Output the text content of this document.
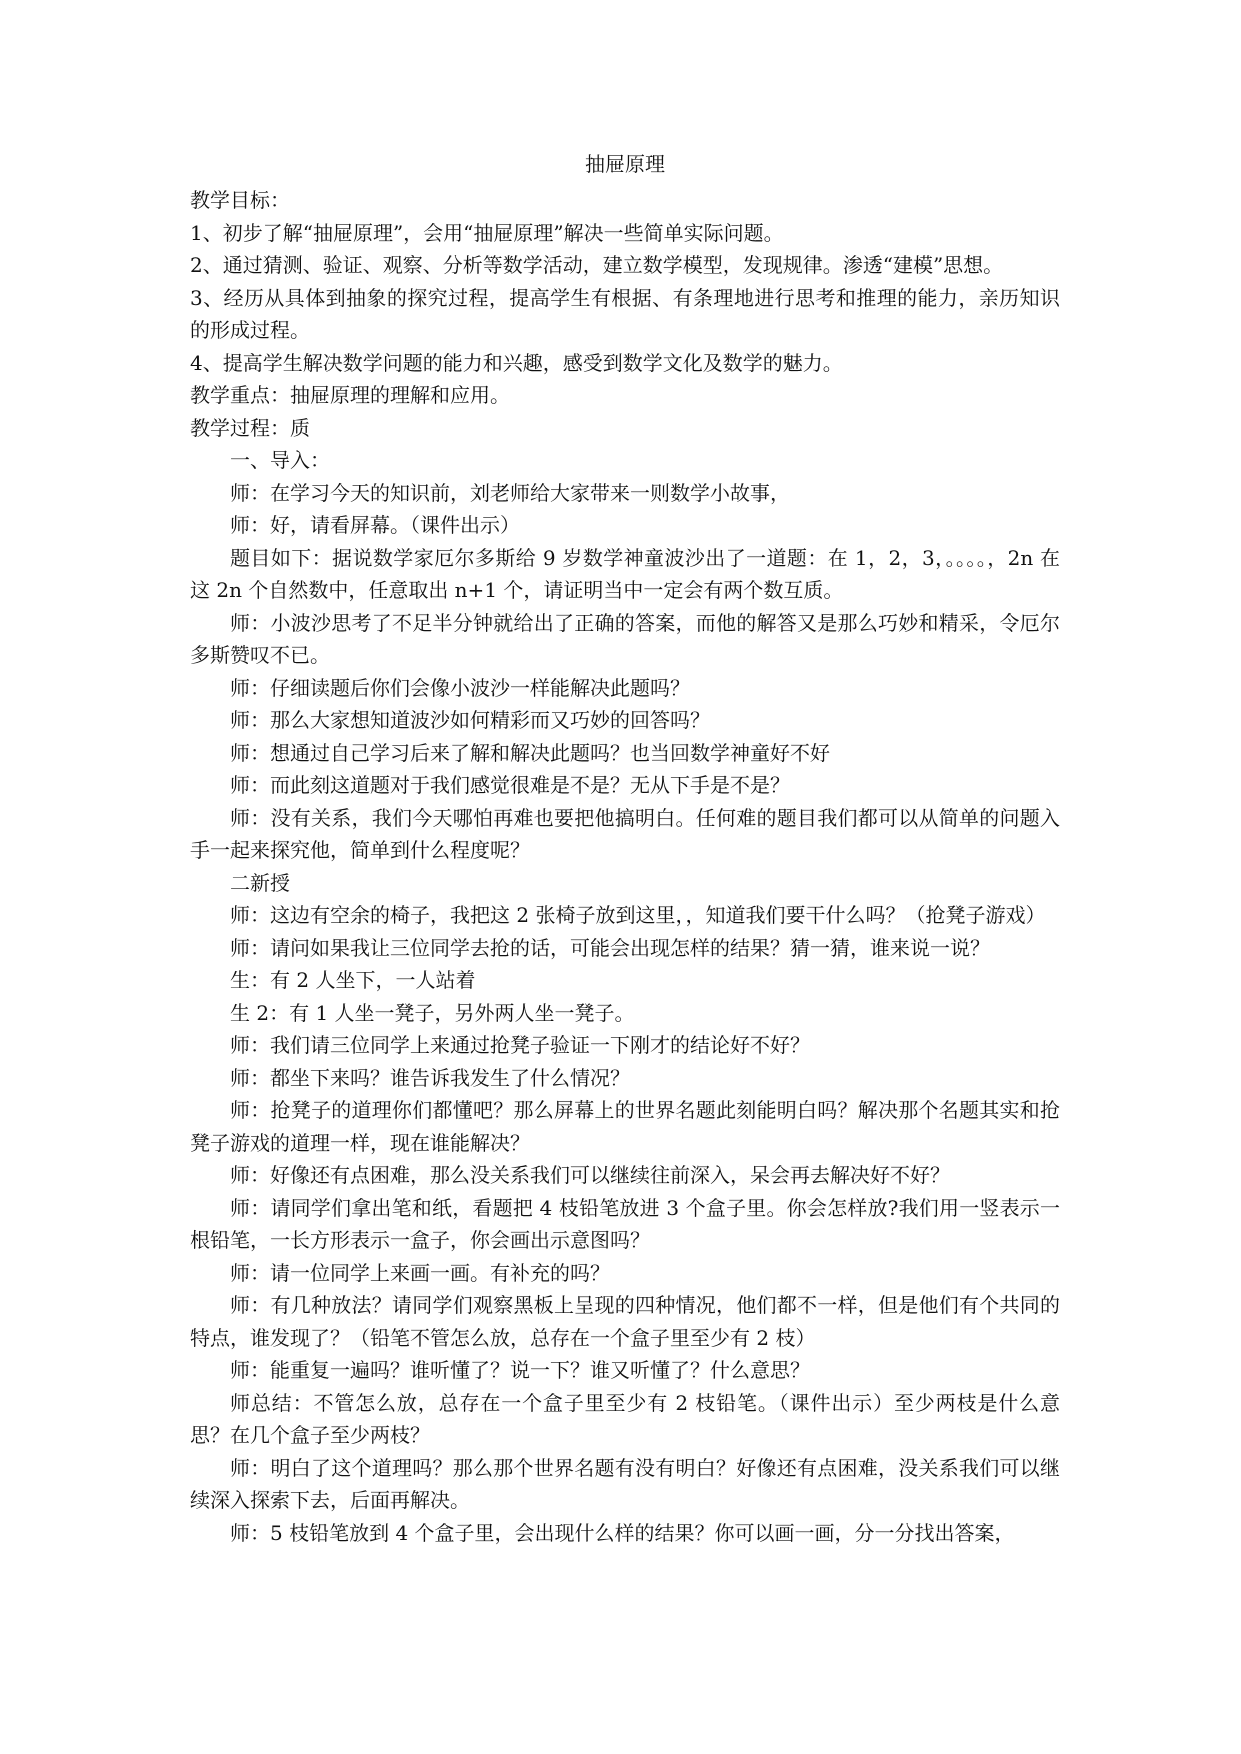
抽屉原理

教学目标：

1、初步了解“抽屉原理”，会用“抽屉原理”解决一些简单实际问题。

2、通过猜测、验证、观察、分析等数学活动，建立数学模型，发现规律。渗透“建模”思想。

3、经历从具体到抽象的探究过程，提高学生有根据、有条理地进行思考和推理的能力，亲历知识的形成过程。

4、提高学生解决数学问题的能力和兴趣，感受到数学文化及数学的魅力。

教学重点：抽屉原理的理解和应用。

教学过程：质

一、导入：

师：在学习今天的知识前，刘老师给大家带来一则数学小故事，

师：好，请看屏幕。（课件出示）

题目如下：据说数学家厄尔多斯给 9 岁数学神童波沙出了一道题：在 1，2，3，。。。。，2n 在这 2n 个自然数中，任意取出 n+1 个，请证明当中一定会有两个数互质。

师：小波沙思考了不足半分钟就给出了正确的答案，而他的解答又是那么巧妙和精采，令厄尔多斯赞叹不已。

师：仔细读题后你们会像小波沙一样能解决此题吗？

师：那么大家想知道波沙如何精彩而又巧妙的回答吗？

师：想通过自己学习后来了解和解决此题吗？也当回数学神童好不好

师：而此刻这道题对于我们感觉很难是不是？无从下手是不是？

师：没有关系，我们今天哪怕再难也要把他搞明白。任何难的题目我们都可以从简单的问题入手一起来探究他，简单到什么程度呢？

二新授

师：这边有空余的椅子，我把这 2 张椅子放到这里，，知道我们要干什么吗？（抢凳子游戏）

师：请问如果我让三位同学去抢的话，可能会出现怎样的结果？猜一猜，谁来说一说？

生：有 2 人坐下，一人站着

生 2：有 1 人坐一凳子，另外两人坐一凳子。

师：我们请三位同学上来通过抢凳子验证一下刚才的结论好不好？

师：都坐下来吗？谁告诉我发生了什么情况？

师：抢凳子的道理你们都懂吧？那么屏幕上的世界名题此刻能明白吗？解决那个名题其实和抢凳子游戏的道理一样，现在谁能解决？

师：好像还有点困难，那么没关系我们可以继续往前深入，呆会再去解决好不好？

师：请同学们拿出笔和纸，看题把 4 枝铅笔放进 3 个盒子里。你会怎样放?我们用一竖表示一根铅笔，一长方形表示一盒子，你会画出示意图吗？

师：请一位同学上来画一画。有补充的吗？

师：有几种放法？请同学们观察黑板上呈现的四种情况，他们都不一样，但是他们有个共同的特点，谁发现了？（铅笔不管怎么放，总存在一个盒子里至少有 2 枝）

师：能重复一遍吗？谁听懂了？说一下？谁又听懂了？什么意思？

师总结：不管怎么放，总存在一个盒子里至少有 2 枝铅笔。（课件出示）至少两枝是什么意思？在几个盒子至少两枝？

师：明白了这个道理吗？那么那个世界名题有没有明白？好像还有点困难，没关系我们可以继续深入探索下去，后面再解决。

师：5 枝铅笔放到 4 个盒子里，会出现什么样的结果？你可以画一画，分一分找出答案，
